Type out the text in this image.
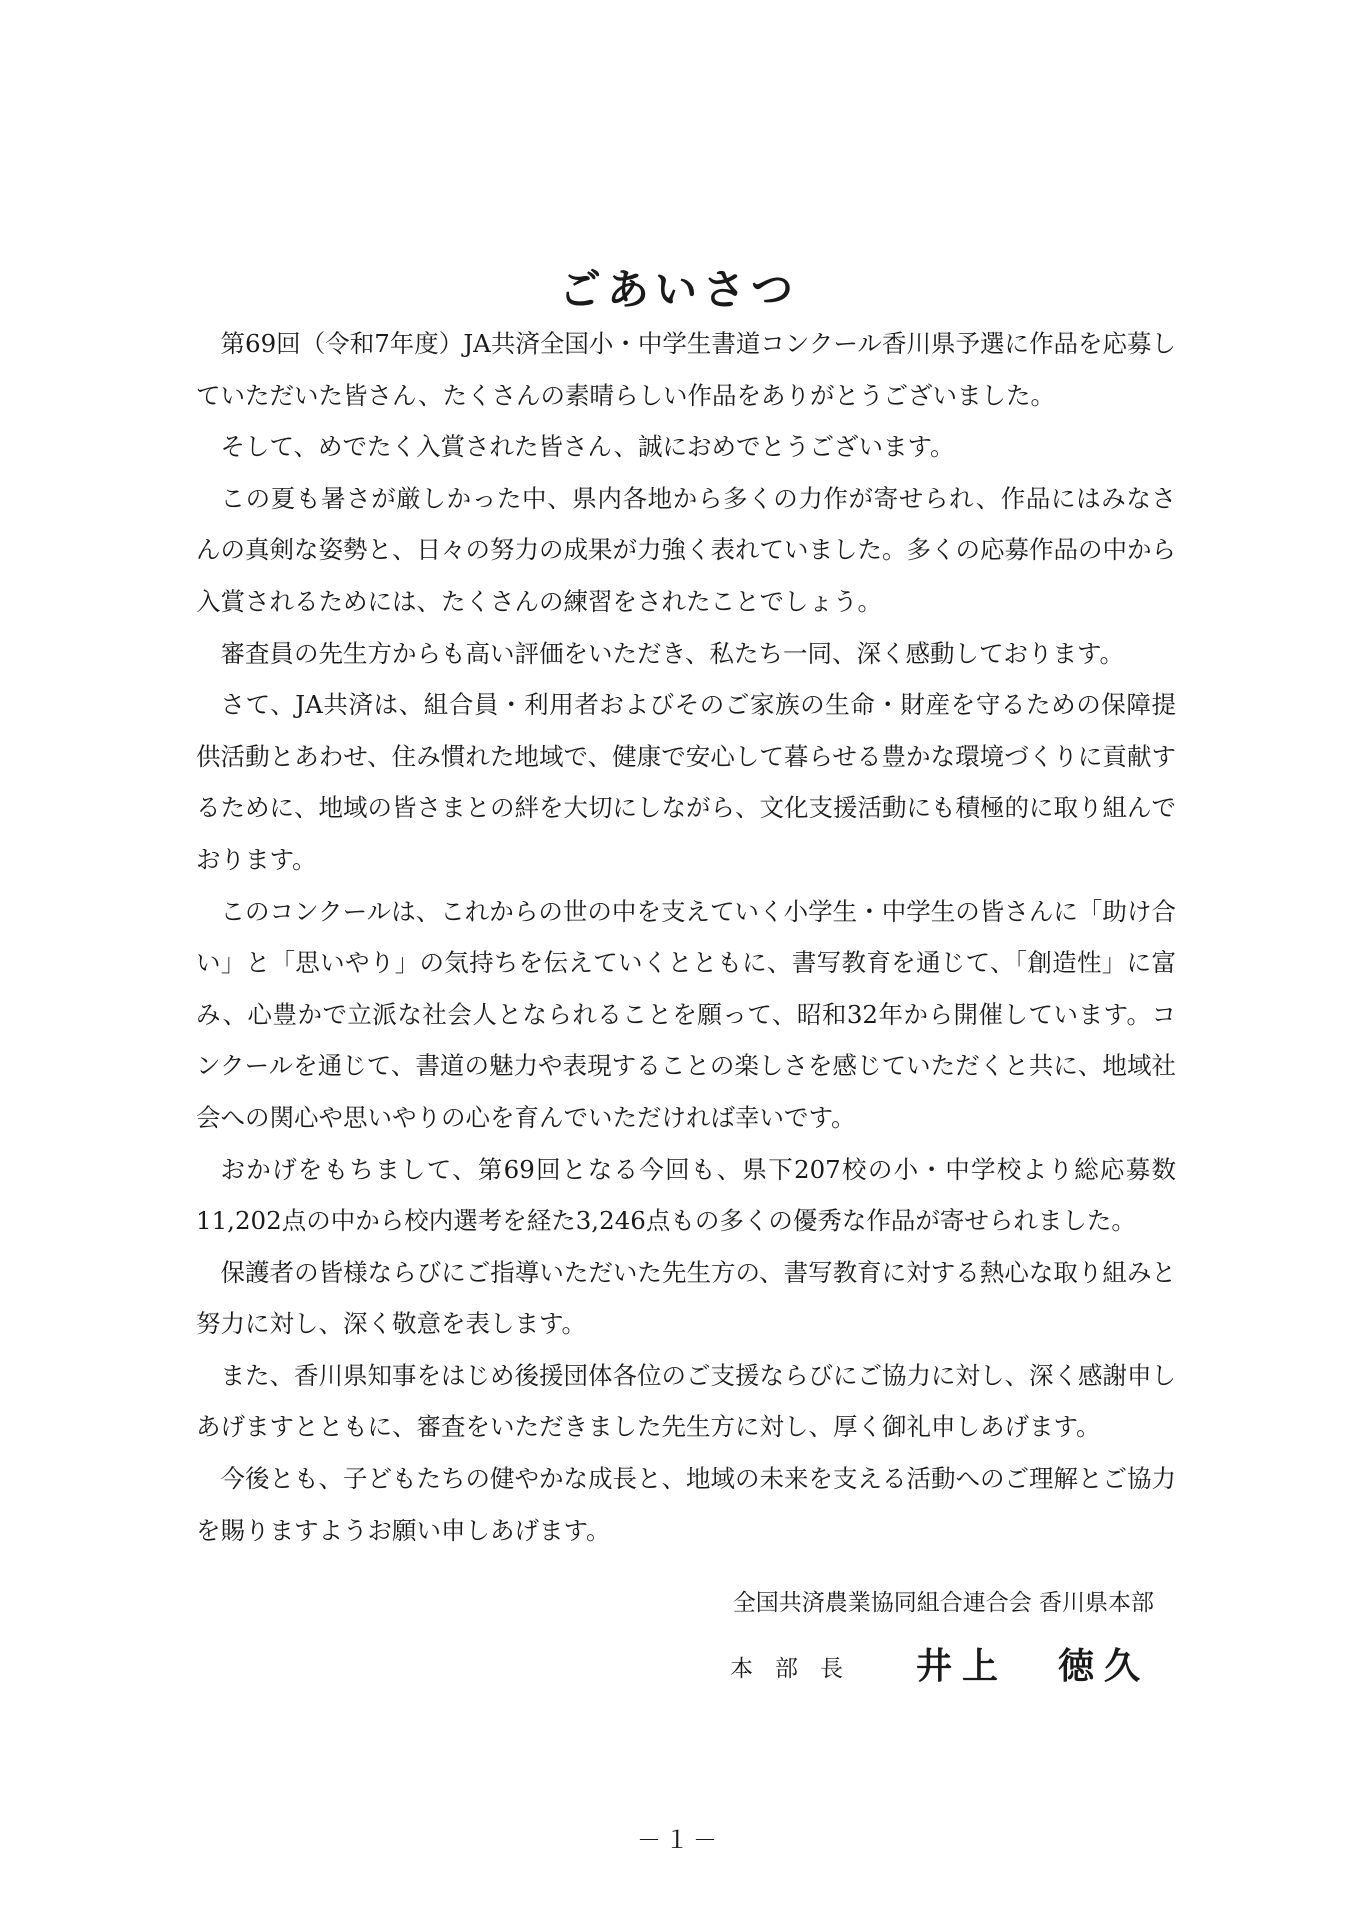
ごあいさつ

第69回（令和7年度）JA共済全国小・中学生書道コンクール香川県予選に作品を応募していただいた皆さん、たくさんの素晴らしい作品をありがとうございました。

そして、めでたく入賞された皆さん、誠におめでとうございます。

この夏も暑さが厳しかった中、県内各地から多くの力作が寄せられ、作品にはみなさんの真剣な姿勢と、日々の努力の成果が力強く表れていました。多くの応募作品の中から入賞されるためには、たくさんの練習をされたことでしょう。

審査員の先生方からも高い評価をいただき、私たち一同、深く感動しております。

さて、JA共済は、組合員・利用者およびそのご家族の生命・財産を守るための保障提供活動とあわせ、住み慣れた地域で、健康で安心して暮らせる豊かな環境づくりに貢献するために、地域の皆さまとの絆を大切にしながら、文化支援活動にも積極的に取り組んでおります。

このコンクールは、これからの世の中を支えていく小学生・中学生の皆さんに「助け合い」と「思いやり」の気持ちを伝えていくとともに、書写教育を通じて、「創造性」に富み、心豊かで立派な社会人となられることを願って、昭和32年から開催しています。コンクールを通じて、書道の魅力や表現することの楽しさを感じていただくと共に、地域社会への関心や思いやりの心を育んでいただければ幸いです。

おかげをもちまして、第69回となる今回も、県下207校の小・中学校より総応募数11,202点の中から校内選考を経た3,246点もの多くの優秀な作品が寄せられました。

保護者の皆様ならびにご指導いただいた先生方の、書写教育に対する熱心な取り組みと努力に対し、深く敬意を表します。

また、香川県知事をはじめ後援団体各位のご支援ならびにご協力に対し、深く感謝申しあげますとともに、審査をいただきました先生方に対し、厚く御礼申しあげます。

今後とも、子どもたちの健やかな成長と、地域の未来を支える活動へのご理解とご協力を賜りますようお願い申しあげます。

全国共済農業協同組合連合会 香川県本部
本部長 井上 徳久
－１－
